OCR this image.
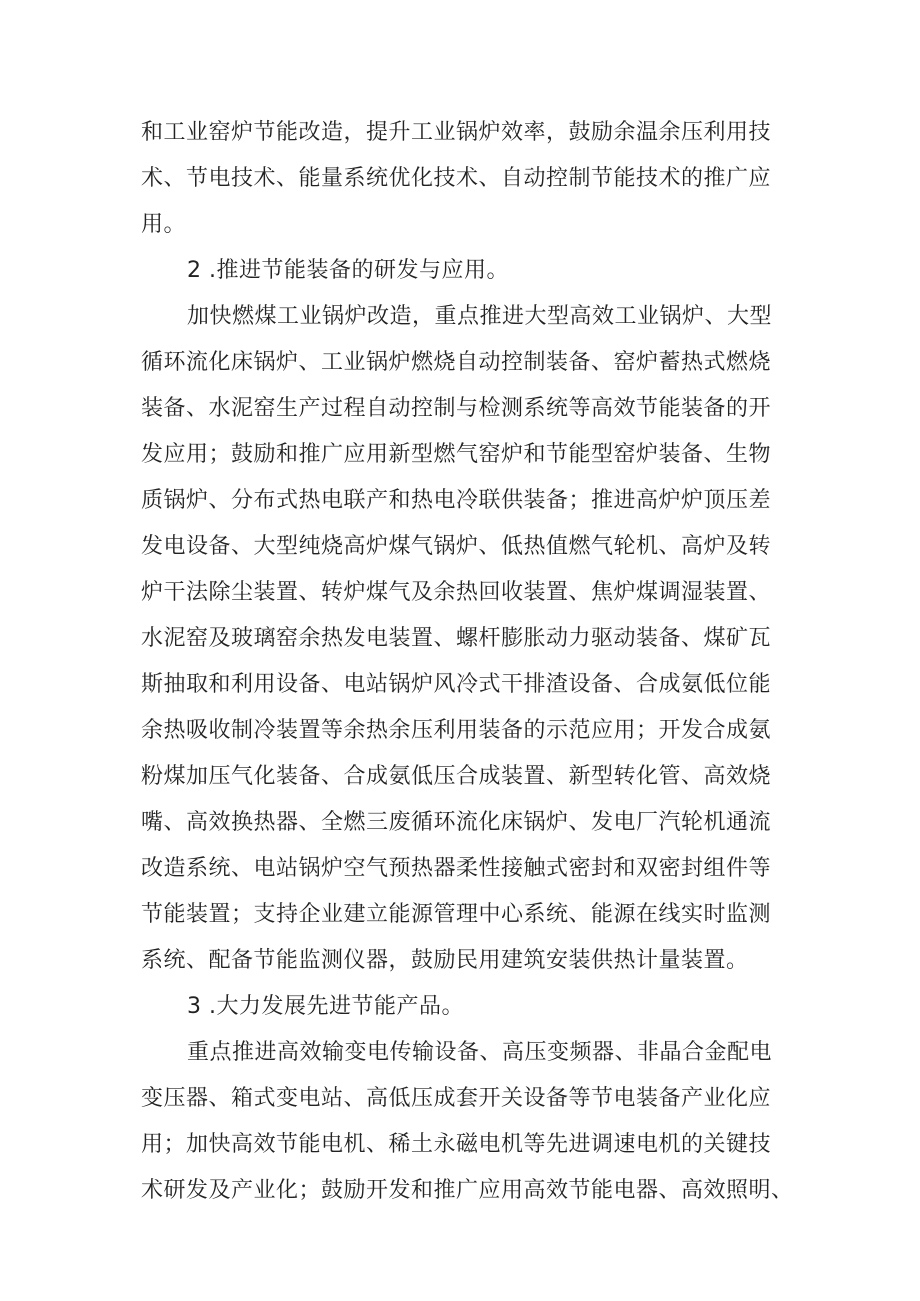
和工业窑炉节能改造，提升工业锅炉效率，鼓励余温余压利用技
术、节电技术、能量系统优化技术、自动控制节能技术的推广应
用。
2 .推进节能装备的研发与应用。
加快燃煤工业锅炉改造，重点推进大型高效工业锅炉、大型
循环流化床锅炉、工业锅炉燃烧自动控制装备、窑炉蓄热式燃烧
装备、水泥窑生产过程自动控制与检测系统等高效节能装备的开
发应用；鼓励和推广应用新型燃气窑炉和节能型窑炉装备、生物
质锅炉、分布式热电联产和热电冷联供装备；推进高炉炉顶压差
发电设备、大型纯烧高炉煤气锅炉、低热值燃气轮机、高炉及转
炉干法除尘装置、转炉煤气及余热回收装置、焦炉煤调湿装置、
水泥窑及玻璃窑余热发电装置、螺杆膨胀动力驱动装备、煤矿瓦
斯抽取和利用设备、电站锅炉风冷式干排渣设备、合成氨低位能
余热吸收制冷装置等余热余压利用装备的示范应用；开发合成氨
粉煤加压气化装备、合成氨低压合成装置、新型转化管、高效烧
嘴、高效换热器、全燃三废循环流化床锅炉、发电厂汽轮机通流
改造系统、电站锅炉空气预热器柔性接触式密封和双密封组件等
节能装置；支持企业建立能源管理中心系统、能源在线实时监测
系统、配备节能监测仪器，鼓励民用建筑安装供热计量装置。
3 .大力发展先进节能产品。
重点推进高效输变电传输设备、高压变频器、非晶合金配电
变压器、箱式变电站、高低压成套开关设备等节电装备产业化应
用；加快高效节能电机、稀土永磁电机等先进调速电机的关键技
术研发及产业化；鼓励开发和推广应用高效节能电器、高效照明、
